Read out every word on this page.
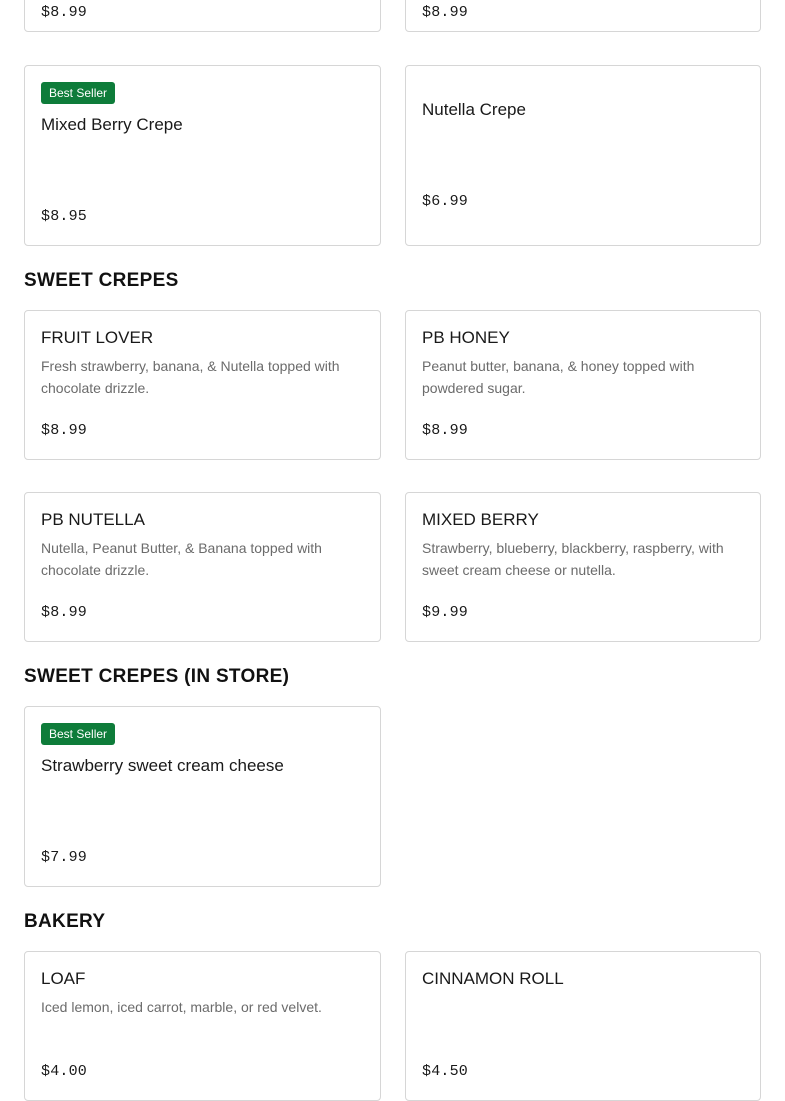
$8.99	$8.99
Best Seller
Mixed Berry Crepe
$8.95
Nutella Crepe
$6.99
SWEET CREPES
FRUIT LOVER
Fresh strawberry, banana, & Nutella topped with chocolate drizzle.
$8.99
PB HONEY
Peanut butter, banana, & honey topped with powdered sugar.
$8.99
PB NUTELLA
Nutella, Peanut Butter, & Banana topped with chocolate drizzle.
$8.99
MIXED BERRY
Strawberry, blueberry, blackberry, raspberry, with sweet cream cheese or nutella.
$9.99
SWEET CREPES (IN STORE)
Best Seller
Strawberry sweet cream cheese
$7.99
BAKERY
LOAF
Iced lemon, iced carrot, marble, or red velvet.
$4.00
CINNAMON ROLL
$4.50
